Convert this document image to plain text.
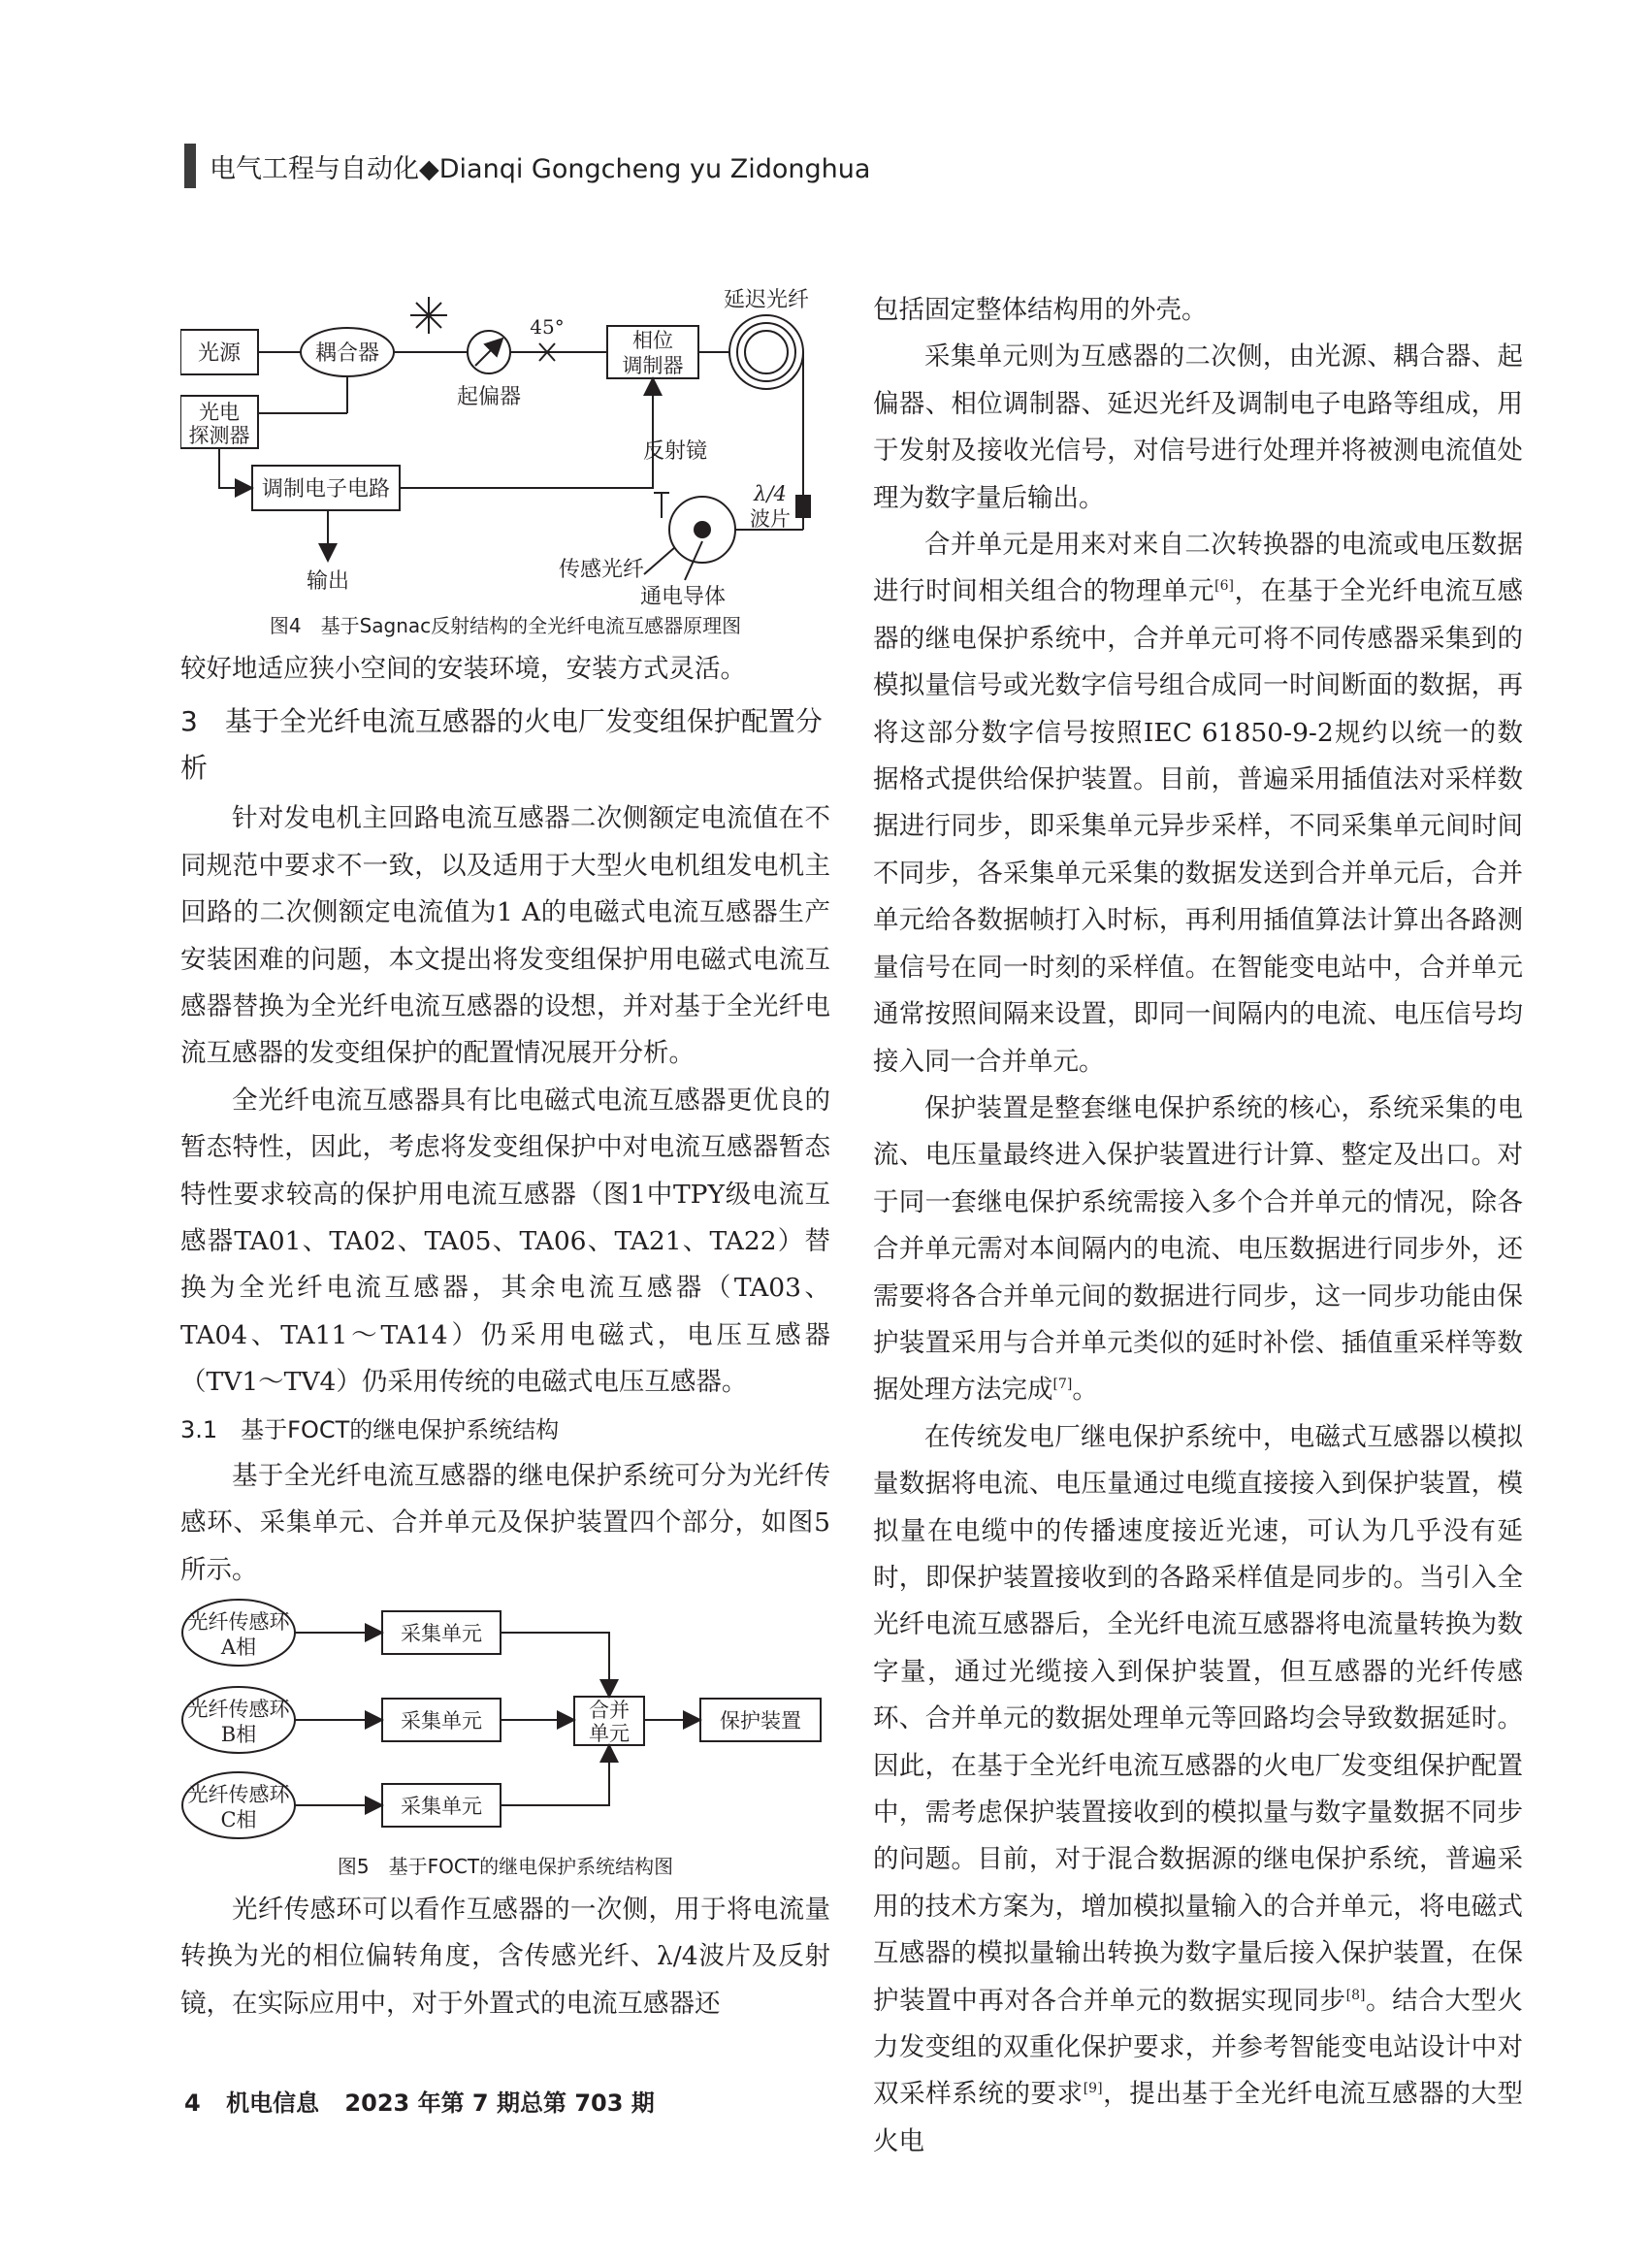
电气工程与自动化◆Dianqi Gongcheng yu Zidonghua
光源	耦合器
起偏器
45°
相位
调制器
延迟光纤
光电
探测器
调制电子电路
反射镜
λ/4
波片
输出	传感光纤
通电导体
图4　基于Sagnac反射结构的全光纤电流互感器原理图

较好地适应狭小空间的安装环境，安装方式灵活。

3　基于全光纤电流互感器的火电厂发变组保护配置分析

针对发电机主回路电流互感器二次侧额定电流值在不同规范中要求不一致，以及适用于大型火电机组发电机主回路的二次侧额定电流值为1 A的电磁式电流互感器生产安装困难的问题，本文提出将发变组保护用电磁式电流互感器替换为全光纤电流互感器的设想，并对基于全光纤电流互感器的发变组保护的配置情况展开分析。

全光纤电流互感器具有比电磁式电流互感器更优良的暂态特性，因此，考虑将发变组保护中对电流互感器暂态特性要求较高的保护用电流互感器（图1中TPY级电流互感器TA01、TA02、TA05、TA06、TA21、TA22）替换为全光纤电流互感器，其余电流互感器（TA03、TA04、TA11～TA14）仍采用电磁式，电压互感器（TV1～TV4）仍采用传统的电磁式电压互感器。

3.1　基于FOCT的继电保护系统结构

基于全光纤电流互感器的继电保护系统可分为光纤传感环、采集单元、合并单元及保护装置四个部分，如图5所示。

光纤传感环
A相
光纤传感环
B相
光纤传感环
C相
采集单元
采集单元
采集单元
合并
单元
保护装置
图5　基于FOCT的继电保护系统结构图

光纤传感环可以看作互感器的一次侧，用于将电流量转换为光的相位偏转角度，含传感光纤、λ/4波片及反射镜，在实际应用中，对于外置式的电流互感器还

包括固定整体结构用的外壳。

采集单元则为互感器的二次侧，由光源、耦合器、起偏器、相位调制器、延迟光纤及调制电子电路等组成，用于发射及接收光信号，对信号进行处理并将被测电流值处理为数字量后输出。

合并单元是用来对来自二次转换器的电流或电压数据进行时间相关组合的物理单元[6]，在基于全光纤电流互感器的继电保护系统中，合并单元可将不同传感器采集到的模拟量信号或光数字信号组合成同一时间断面的数据，再将这部分数字信号按照IEC 61850-9-2规约以统一的数据格式提供给保护装置。目前，普遍采用插值法对采样数据进行同步，即采集单元异步采样，不同采集单元间时间不同步，各采集单元采集的数据发送到合并单元后，合并单元给各数据帧打入时标，再利用插值算法计算出各路测量信号在同一时刻的采样值。在智能变电站中，合并单元通常按照间隔来设置，即同一间隔内的电流、电压信号均接入同一合并单元。

保护装置是整套继电保护系统的核心，系统采集的电流、电压量最终进入保护装置进行计算、整定及出口。对于同一套继电保护系统需接入多个合并单元的情况，除各合并单元需对本间隔内的电流、电压数据进行同步外，还需要将各合并单元间的数据进行同步，这一同步功能由保护装置采用与合并单元类似的延时补偿、插值重采样等数据处理方法完成[7]。

在传统发电厂继电保护系统中，电磁式互感器以模拟量数据将电流、电压量通过电缆直接接入到保护装置，模拟量在电缆中的传播速度接近光速，可认为几乎没有延时，即保护装置接收到的各路采样值是同步的。当引入全光纤电流互感器后，全光纤电流互感器将电流量转换为数字量，通过光缆接入到保护装置，但互感器的光纤传感环、合并单元的数据处理单元等回路均会导致数据延时。因此，在基于全光纤电流互感器的火电厂发变组保护配置中，需考虑保护装置接收到的模拟量与数字量数据不同步的问题。目前，对于混合数据源的继电保护系统，普遍采用的技术方案为，增加模拟量输入的合并单元，将电磁式互感器的模拟量输出转换为数字量后接入保护装置，在保护装置中再对各合并单元的数据实现同步[8]。结合大型火力发变组的双重化保护要求，并参考智能变电站设计中对双采样系统的要求[9]，提出基于全光纤电流互感器的大型火电

4 机电信息 2023 年第 7 期总第 703 期
